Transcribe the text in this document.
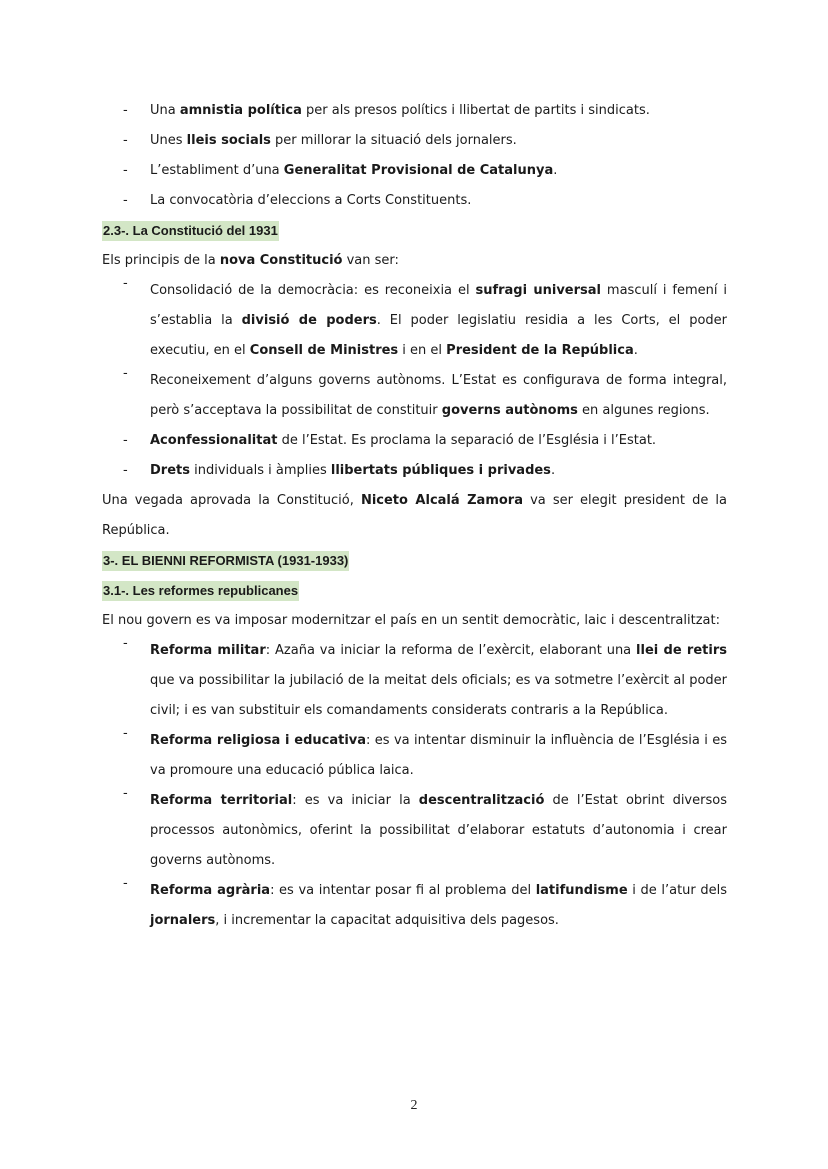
- Una amnistia política per als presos polítics i llibertat de partits i sindicats.
- Unes lleis socials per millorar la situació dels jornalers.
- L’establiment d’una Generalitat Provisional de Catalunya.
- La convocatòria d’eleccions a Corts Constituents.
2.3-. La Constitució del 1931
Els principis de la nova Constitució van ser:
- Consolidació de la democràcia: es reconeixia el sufragi universal masculí i femení i s’establia la divisió de poders. El poder legislatiu residia a les Corts, el poder executiu, en el Consell de Ministres i en el President de la República.

- Reconeixement d’alguns governs autònoms. L’Estat es configurava de forma integral, però s’acceptava la possibilitat de constituir governs autònoms en algunes regions.

- Aconfessionalitat de l’Estat. Es proclama la separació de l’Església i l’Estat.
- Drets individuals i àmplies llibertats públiques i privades.

Una vegada aprovada la Constitució, Niceto Alcalá Zamora va ser elegit president de la República.

3-. EL BIENNI REFORMISTA (1931-1933)
3.1-. Les reformes republicanes

El nou govern es va imposar modernitzar el país en un sentit democràtic, laic i descentralitzat:

- Reforma militar: Azaña va iniciar la reforma de l’exèrcit, elaborant una llei de retirs que va possibilitar la jubilació de la meitat dels oficials; es va sotmetre l’exèrcit al poder civil; i es van substituir els comandaments considerats contraris a la República.

- Reforma religiosa i educativa: es va intentar disminuir la influència de l’Església i es va promoure una educació pública laica.

- Reforma territorial: es va iniciar la descentralització de l’Estat obrint diversos processos autonòmics, oferint la possibilitat d’elaborar estatuts d’autonomia i crear governs autònoms.

- Reforma agrària: es va intentar posar fi al problema del latifundisme i de l’atur dels jornalers, i incrementar la capacitat adquisitiva dels pagesos.

2
